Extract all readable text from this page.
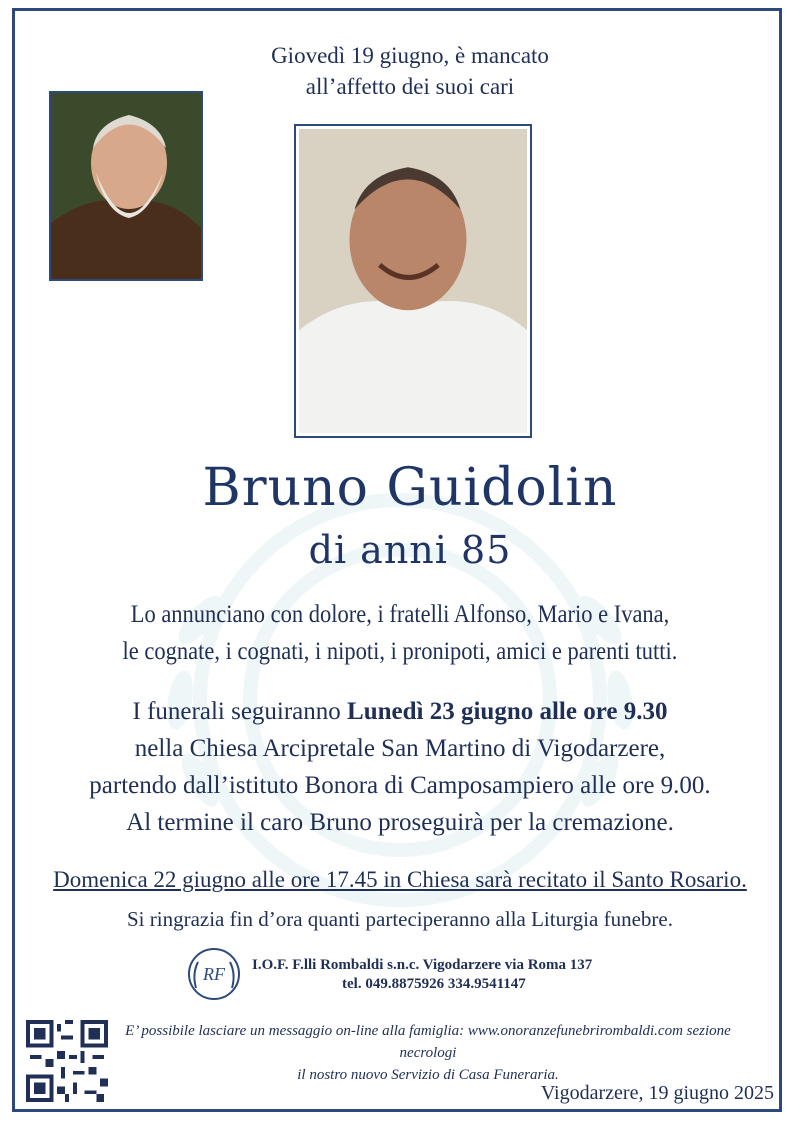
Giovedì 19 giugno, è mancato
all’affetto dei suoi cari
Bruno Guidolin
di anni 85
Lo annunciano con dolore, i fratelli Alfonso, Mario e Ivana,
le cognate, i cognati, i nipoti, i pronipoti, amici e parenti tutti.
I funerali seguiranno Lunedì 23 giugno alle ore 9.30
nella Chiesa Arcipretale San Martino di Vigodarzere,
partendo dall’istituto Bonora di Camposampiero alle ore 9.00.
Al termine il caro Bruno proseguirà per la cremazione.
Domenica 22 giugno alle ore 17.45 in Chiesa sarà recitato il Santo Rosario.
Si ringrazia fin d’ora quanti parteciperanno alla Liturgia funebre.
RF I.O.F. F.lli Rombaldi s.n.c. Vigodarzere via Roma 137
tel. 049.8875926 334.9541147
E’ possibile lasciare un messaggio on-line alla famiglia: www.onoranzefunebrirombaldi.com sezione necrologi
il nostro nuovo Servizio di Casa Funeraria.
Vigodarzere, 19 giugno 2025
